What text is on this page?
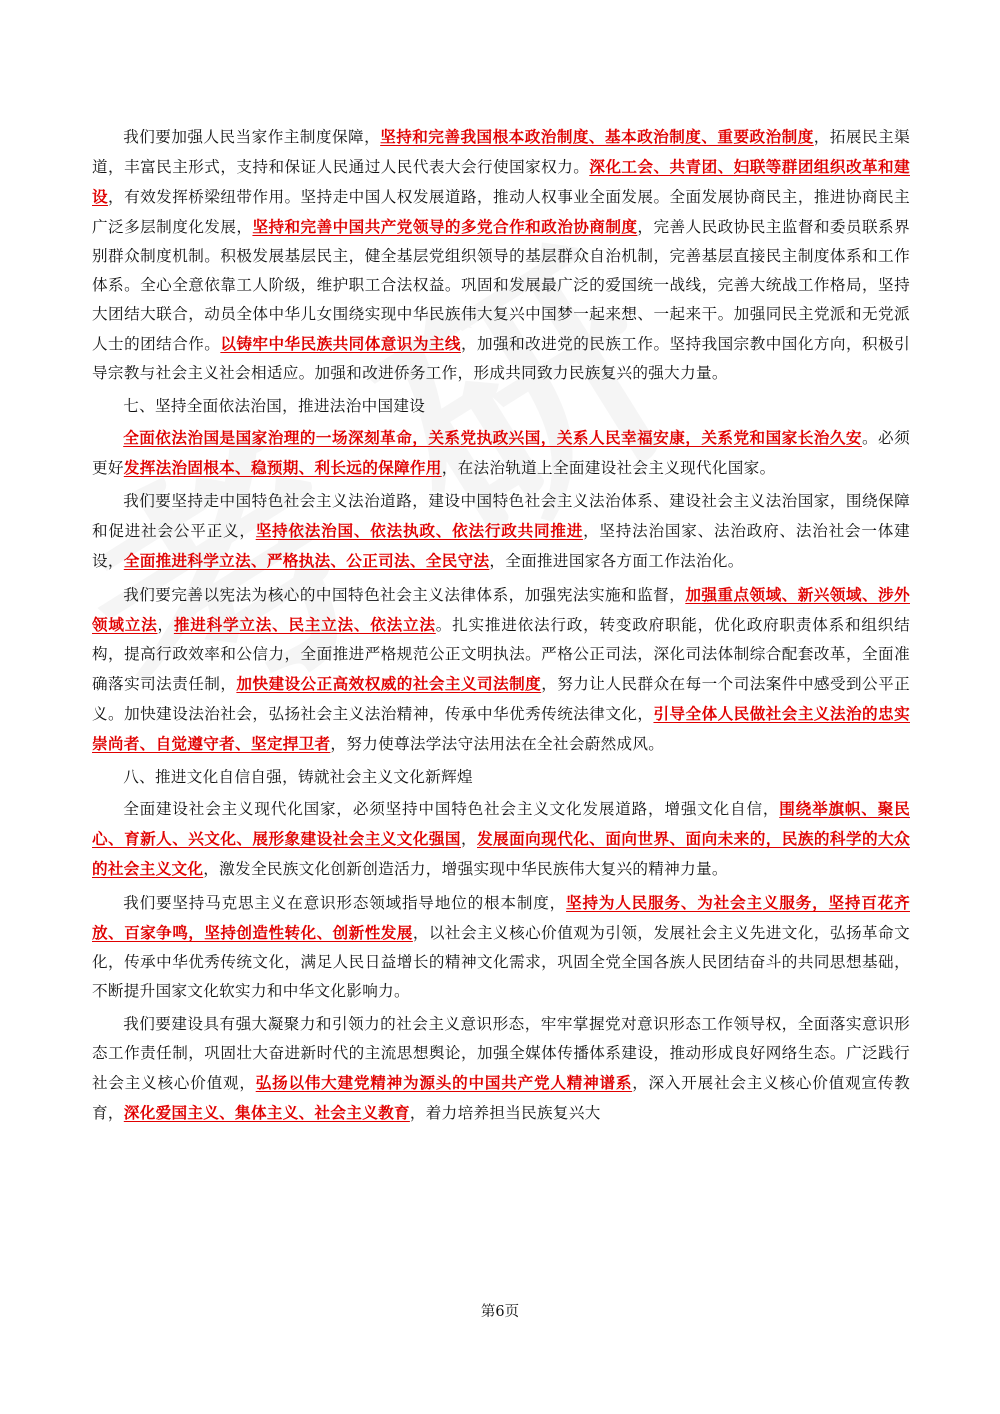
我们要加强人民当家作主制度保障，坚持和完善我国根本政治制度、基本政治制度、重要政治制度，拓展民主渠道，丰富民主形式，支持和保证人民通过人民代表大会行使国家权力。深化工会、共青团、妇联等群团组织改革和建设，有效发挥桥梁纽带作用。坚持走中国人权发展道路，推动人权事业全面发展。全面发展协商民主，推进协商民主广泛多层制度化发展，坚持和完善中国共产党领导的多党合作和政治协商制度，完善人民政协民主监督和委员联系界别群众制度机制。积极发展基层民主，健全基层党组织领导的基层群众自治机制，完善基层直接民主制度体系和工作体系。全心全意依靠工人阶级，维护职工合法权益。巩固和发展最广泛的爱国统一战线，完善大统战工作格局，坚持大团结大联合，动员全体中华儿女围绕实现中华民族伟大复兴中国梦一起来想、一起来干。加强同民主党派和无党派人士的团结合作。以铸牢中华民族共同体意识为主线，加强和改进党的民族工作。坚持我国宗教中国化方向，积极引导宗教与社会主义社会相适应。加强和改进侨务工作，形成共同致力民族复兴的强大力量。

七、坚持全面依法治国，推进法治中国建设

全面依法治国是国家治理的一场深刻革命，关系党执政兴国，关系人民幸福安康，关系党和国家长治久安。必须更好发挥法治固根本、稳预期、利长远的保障作用，在法治轨道上全面建设社会主义现代化国家。

我们要坚持走中国特色社会主义法治道路，建设中国特色社会主义法治体系、建设社会主义法治国家，围绕保障和促进社会公平正义，坚持依法治国、依法执政、依法行政共同推进，坚持法治国家、法治政府、法治社会一体建设，全面推进科学立法、严格执法、公正司法、全民守法，全面推进国家各方面工作法治化。

我们要完善以宪法为核心的中国特色社会主义法律体系，加强宪法实施和监督，加强重点领域、新兴领域、涉外领域立法，推进科学立法、民主立法、依法立法。扎实推进依法行政，转变政府职能，优化政府职责体系和组织结构，提高行政效率和公信力，全面推进严格规范公正文明执法。严格公正司法，深化司法体制综合配套改革，全面准确落实司法责任制，加快建设公正高效权威的社会主义司法制度，努力让人民群众在每一个司法案件中感受到公平正义。加快建设法治社会，弘扬社会主义法治精神，传承中华优秀传统法律文化，引导全体人民做社会主义法治的忠实崇尚者、自觉遵守者、坚定捍卫者，努力使尊法学法守法用法在全社会蔚然成风。

八、推进文化自信自强，铸就社会主义文化新辉煌

全面建设社会主义现代化国家，必须坚持中国特色社会主义文化发展道路，增强文化自信，围绕举旗帜、聚民心、育新人、兴文化、展形象建设社会主义文化强国，发展面向现代化、面向世界、面向未来的，民族的科学的大众的社会主义文化，激发全民族文化创新创造活力，增强实现中华民族伟大复兴的精神力量。

我们要坚持马克思主义在意识形态领域指导地位的根本制度，坚持为人民服务、为社会主义服务，坚持百花齐放、百家争鸣，坚持创造性转化、创新性发展，以社会主义核心价值观为引领，发展社会主义先进文化，弘扬革命文化，传承中华优秀传统文化，满足人民日益增长的精神文化需求，巩固全党全国各族人民团结奋斗的共同思想基础，不断提升国家文化软实力和中华文化影响力。

我们要建设具有强大凝聚力和引领力的社会主义意识形态，牢牢掌握党对意识形态工作领导权，全面落实意识形态工作责任制，巩固壮大奋进新时代的主流思想舆论，加强全媒体传播体系建设，推动形成良好网络生态。广泛践行社会主义核心价值观，弘扬以伟大建党精神为源头的中国共产党人精神谱系，深入开展社会主义核心价值观宣传教育，深化爱国主义、集体主义、社会主义教育，着力培养担当民族复兴大

第6页
